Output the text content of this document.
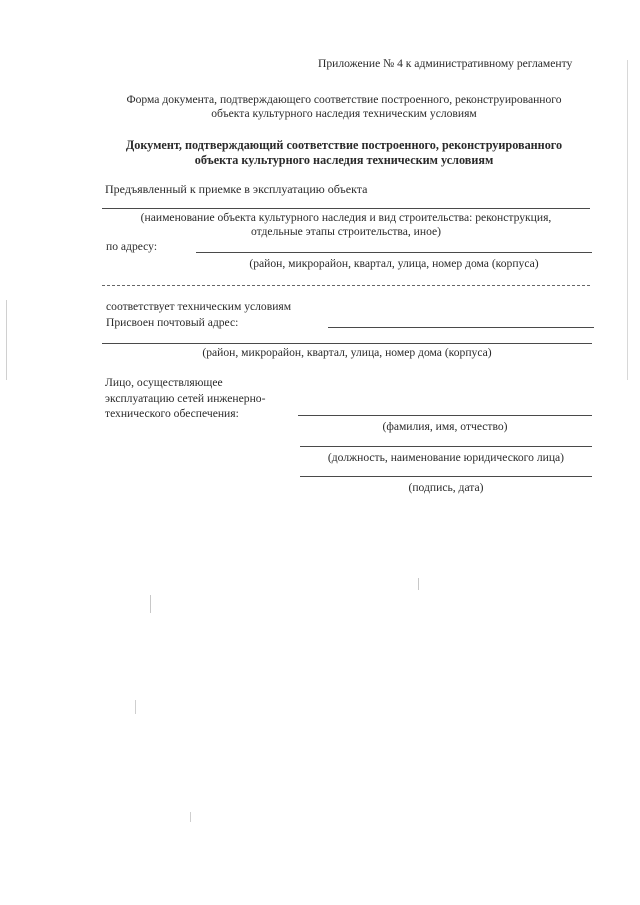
Приложение № 4 к административному регламенту
Форма документа, подтверждающего соответствие построенного, реконструированного
объекта культурного наследия техническим условиям
Документ, подтверждающий соответствие построенного, реконструированного
объекта культурного наследия техническим условиям
Предъявленный к приемке в эксплуатацию объекта
(наименование объекта культурного наследия и вид строительства: реконструкция,
отдельные этапы строительства, иное)
по адресу:
(район, микрорайон, квартал, улица, номер дома (корпуса)
соответствует техническим условиям
Присвоен почтовый адрес:
(район, микрорайон, квартал, улица, номер дома (корпуса)
Лицо, осуществляющее
эксплуатацию сетей инженерно-
технического обеспечения:
(фамилия, имя, отчество)
(должность, наименование юридического лица)
(подпись, дата)
